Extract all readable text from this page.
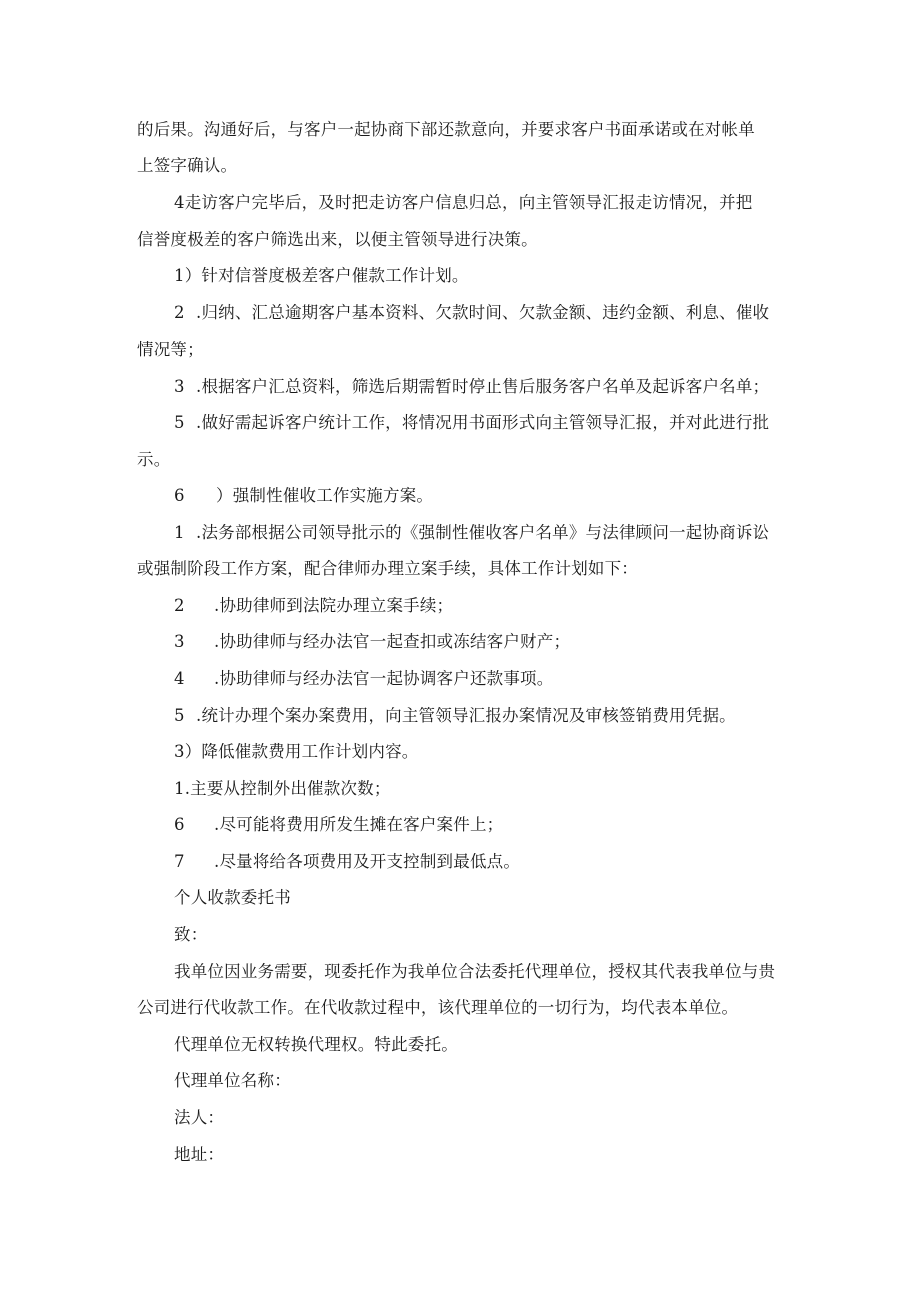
的后果。沟通好后，与客户一起协商下部还款意向，并要求客户书面承诺或在对帐单
上签字确认。
4走访客户完毕后，及时把走访客户信息归总，向主管领导汇报走访情况，并把
信誉度极差的客户筛选出来，以便主管领导进行决策。
1）针对信誉度极差客户催款工作计划。
2 .归纳、汇总逾期客户基本资料、欠款时间、欠款金额、违约金额、利息、催收
情况等；
3 .根据客户汇总资料，筛选后期需暂时停止售后服务客户名单及起诉客户名单；
5 .做好需起诉客户统计工作，将情况用书面形式向主管领导汇报，并对此进行批
示。
6 ）强制性催收工作实施方案。
1 .法务部根据公司领导批示的《强制性催收客户名单》与法律顾问一起协商诉讼
或强制阶段工作方案，配合律师办理立案手续，具体工作计划如下：
2 .协助律师到法院办理立案手续；
3 .协助律师与经办法官一起查扣或冻结客户财产；
4 .协助律师与经办法官一起协调客户还款事项。
5 .统计办理个案办案费用，向主管领导汇报办案情况及审核签销费用凭据。
3）降低催款费用工作计划内容。
1.主要从控制外出催款次数；
6 .尽可能将费用所发生摊在客户案件上；
7 .尽量将给各项费用及开支控制到最低点。
个人收款委托书
致：
我单位因业务需要，现委托作为我单位合法委托代理单位，授权其代表我单位与贵
公司进行代收款工作。在代收款过程中，该代理单位的一切行为，均代表本单位。
代理单位无权转换代理权。特此委托。
代理单位名称：
法人：
地址：
